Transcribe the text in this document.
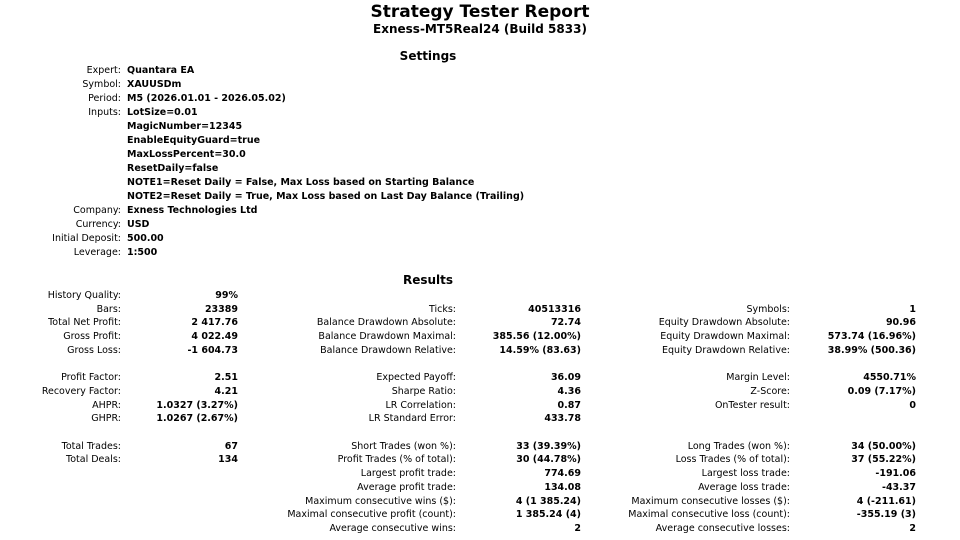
Strategy Tester Report
Exness-MT5Real24 (Build 5833)
Settings
Expert: Quantara EA
Symbol: XAUUSDm
Period: M5 (2026.01.01 - 2026.05.02)
Inputs: LotSize=0.01
MagicNumber=12345
EnableEquityGuard=true
MaxLossPercent=30.0
ResetDaily=false
NOTE1=Reset Daily = False, Max Loss based on Starting Balance
NOTE2=Reset Daily = True, Max Loss based on Last Day Balance (Trailing)
Company: Exness Technologies Ltd
Currency: USD
Initial Deposit: 500.00
Leverage: 1:500
Results
History Quality:	99%
Bars:	23389	Ticks:	40513316	Symbols:	1
Total Net Profit:	2 417.76	Balance Drawdown Absolute:	72.74	Equity Drawdown Absolute:	90.96
Gross Profit:	4 022.49	Balance Drawdown Maximal:	385.56 (12.00%)	Equity Drawdown Maximal:	573.74 (16.96%)
Gross Loss:	-1 604.73	Balance Drawdown Relative:	14.59% (83.63)	Equity Drawdown Relative:	38.99% (500.36)
Profit Factor:	2.51	Expected Payoff:	36.09	Margin Level:	4550.71%
Recovery Factor:	4.21	Sharpe Ratio:	4.36	Z-Score:	0.09 (7.17%)
AHPR:	1.0327 (3.27%)	LR Correlation:	0.87	OnTester result:	0
GHPR:	1.0267 (2.67%)	LR Standard Error:	433.78
Total Trades:	67	Short Trades (won %):	33 (39.39%)	Long Trades (won %):	34 (50.00%)
Total Deals:	134	Profit Trades (% of total):	30 (44.78%)	Loss Trades (% of total):	37 (55.22%)
Largest profit trade:	774.69	Largest loss trade:	-191.06
Average profit trade:	134.08	Average loss trade:	-43.37
Maximum consecutive wins ($):	4 (1 385.24)	Maximum consecutive losses ($):	4 (-211.61)
Maximal consecutive profit (count):	1 385.24 (4)	Maximal consecutive loss (count):	-355.19 (3)
Average consecutive wins:	2	Average consecutive losses:	2
